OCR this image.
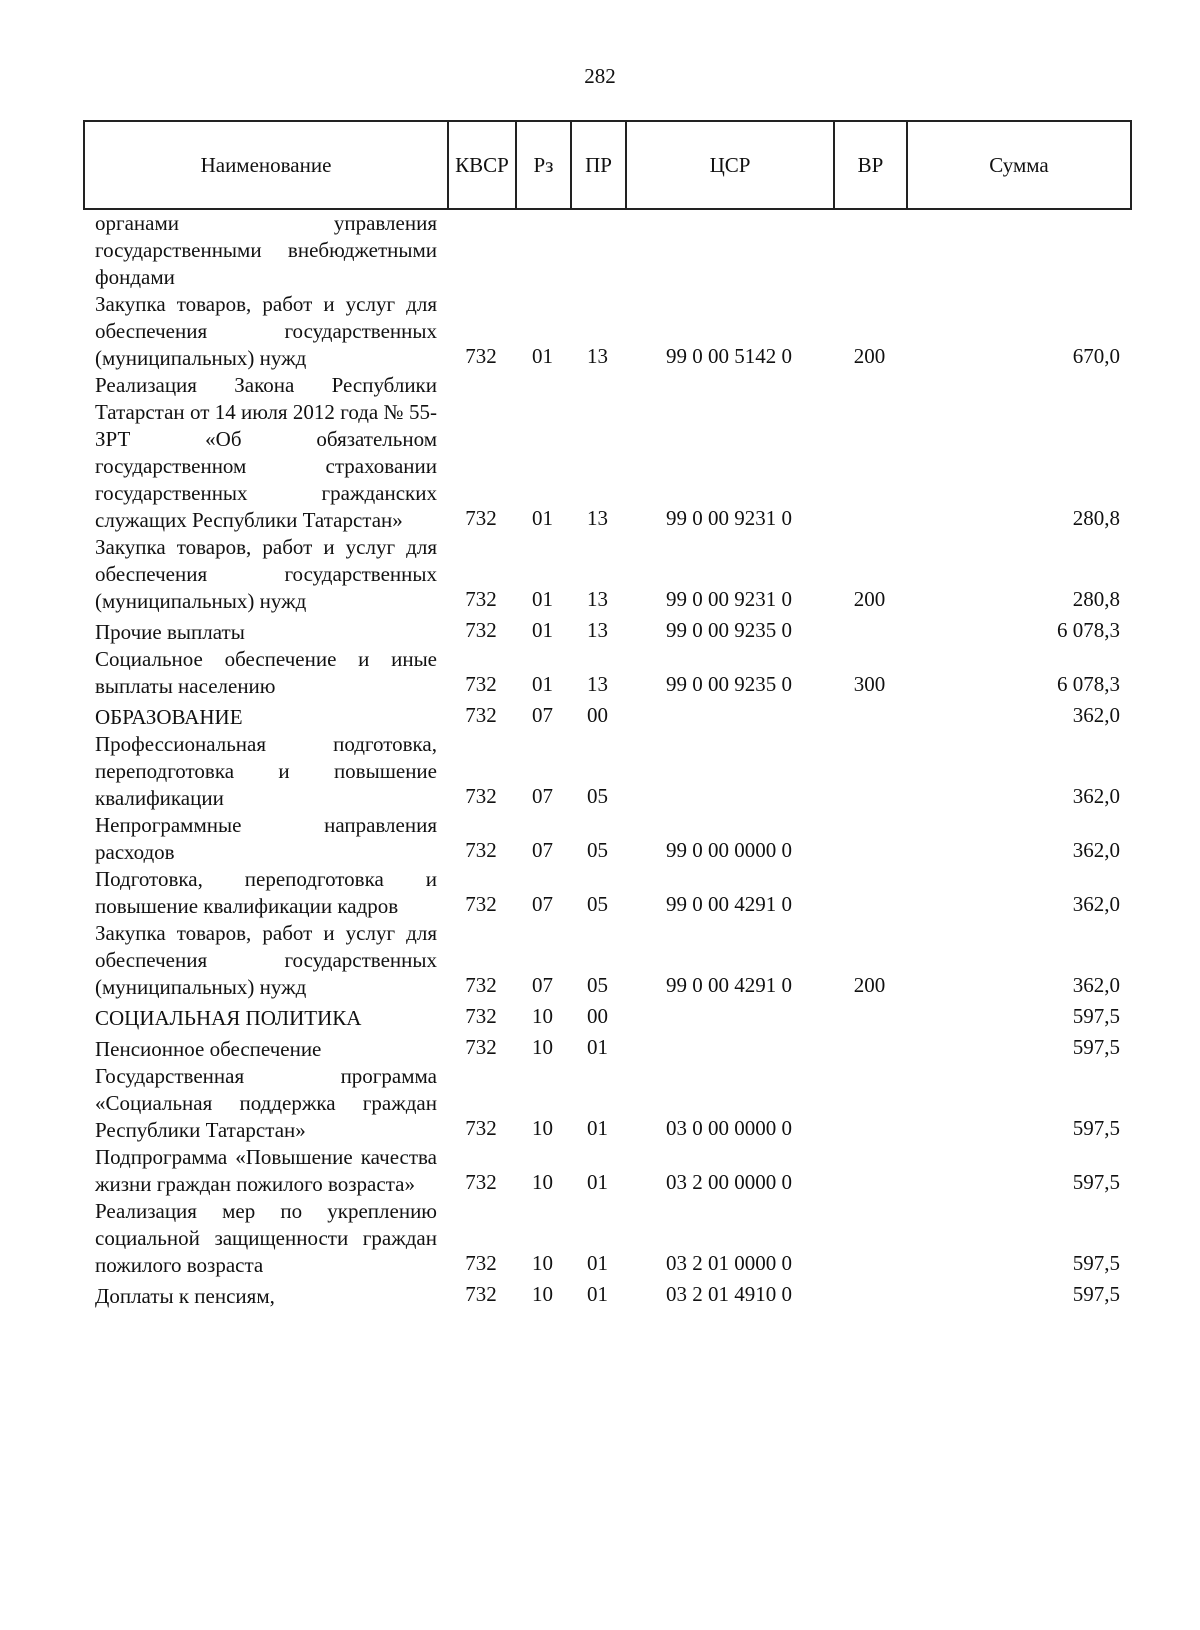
282
Наименование	КВСР	Рз	ПР	ЦСР	ВР	Сумма
органами управления государственными внебюджетными фондами						
Закупка товаров, работ и услуг для обеспечения государственных (муниципальных) нужд	732	01	13	99 0 00 5142 0	200	670,0
Реализация Закона Республики Татарстан от 14 июля 2012 года № 55-ЗРТ «Об обязательном государственном страховании государственных гражданских служащих Республики Татарстан»	732	01	13	99 0 00 9231 0		280,8
Закупка товаров, работ и услуг для обеспечения государственных (муниципальных) нужд	732	01	13	99 0 00 9231 0	200	280,8
Прочие выплаты	732	01	13	99 0 00 9235 0		6 078,3
Социальное обеспечение и иные выплаты населению	732	01	13	99 0 00 9235 0	300	6 078,3
ОБРАЗОВАНИЕ	732	07	00			362,0
Профессиональная подготовка, переподготовка и повышение квалификации	732	07	05			362,0
Непрограммные направления расходов	732	07	05	99 0 00 0000 0		362,0
Подготовка, переподготовка и повышение квалификации кадров	732	07	05	99 0 00 4291 0		362,0
Закупка товаров, работ и услуг для обеспечения государственных (муниципальных) нужд	732	07	05	99 0 00 4291 0	200	362,0
СОЦИАЛЬНАЯ ПОЛИТИКА	732	10	00			597,5
Пенсионное обеспечение	732	10	01			597,5
Государственная программа «Социальная поддержка граждан Республики Татарстан»	732	10	01	03 0 00 0000 0		597,5
Подпрограмма «Повышение качества жизни граждан пожилого возраста»	732	10	01	03 2 00 0000 0		597,5
Реализация мер по укреплению социальной защищенности граждан пожилого возраста	732	10	01	03 2 01 0000 0		597,5
Доплаты к пенсиям,	732	10	01	03 2 01 4910 0		597,5
